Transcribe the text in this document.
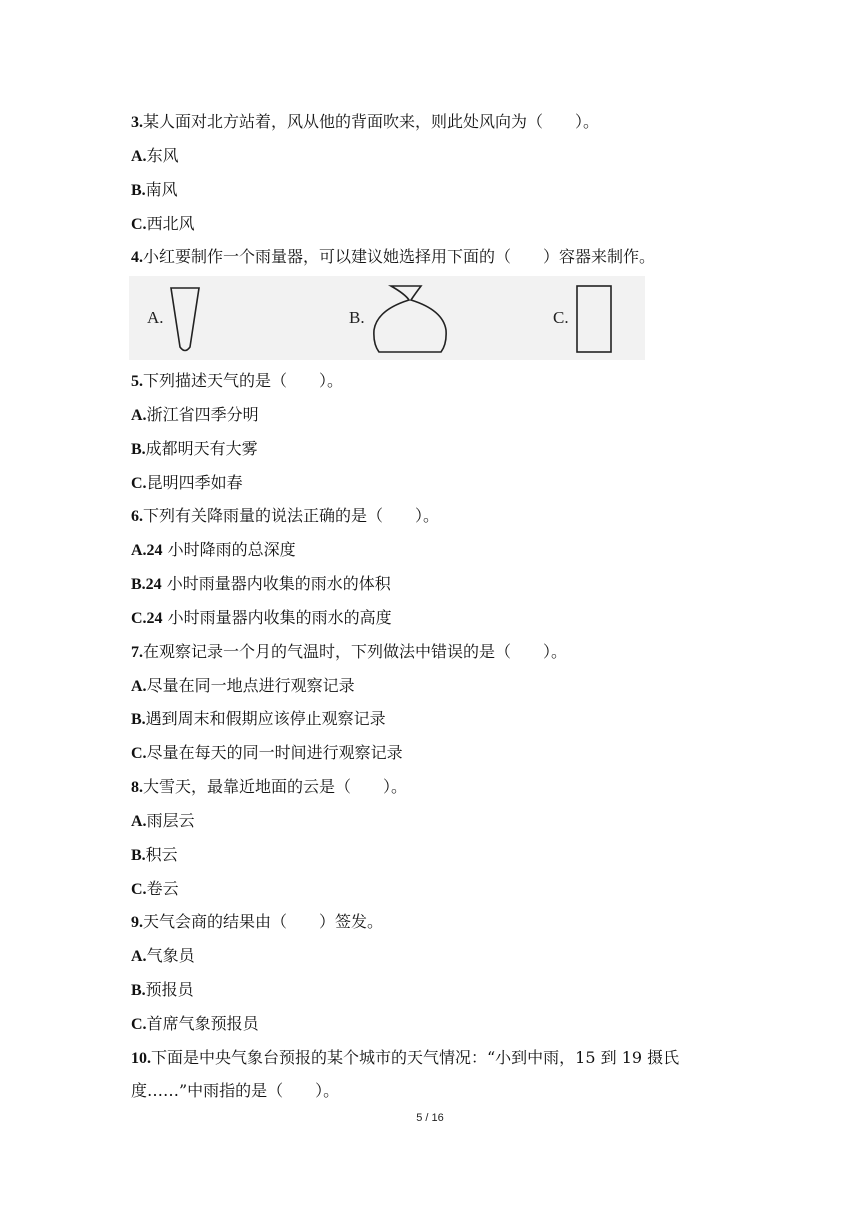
3.某人面对北方站着，风从他的背面吹来，则此处风向为（　　）。
A.东风
B.南风
C.西北风
4.小红要制作一个雨量器，可以建议她选择用下面的（　　）容器来制作。
A.	B.	C.
5.下列描述天气的是（　　）。
A.浙江省四季分明
B.成都明天有大雾
C.昆明四季如春
6.下列有关降雨量的说法正确的是（　　）。
A.24 小时降雨的总深度
B.24 小时雨量器内收集的雨水的体积
C.24 小时雨量器内收集的雨水的高度
7.在观察记录一个月的气温时，下列做法中错误的是（　　）。
A.尽量在同一地点进行观察记录
B.遇到周末和假期应该停止观察记录
C.尽量在每天的同一时间进行观察记录
8.大雪天，最靠近地面的云是（　　）。
A.雨层云
B.积云
C.卷云
9.天气会商的结果由（　　）签发。
A.气象员
B.预报员
C.首席气象预报员
10.下面是中央气象台预报的某个城市的天气情况：“小到中雨，15 到 19 摄氏
度……”中雨指的是（　　）。
5 / 16
